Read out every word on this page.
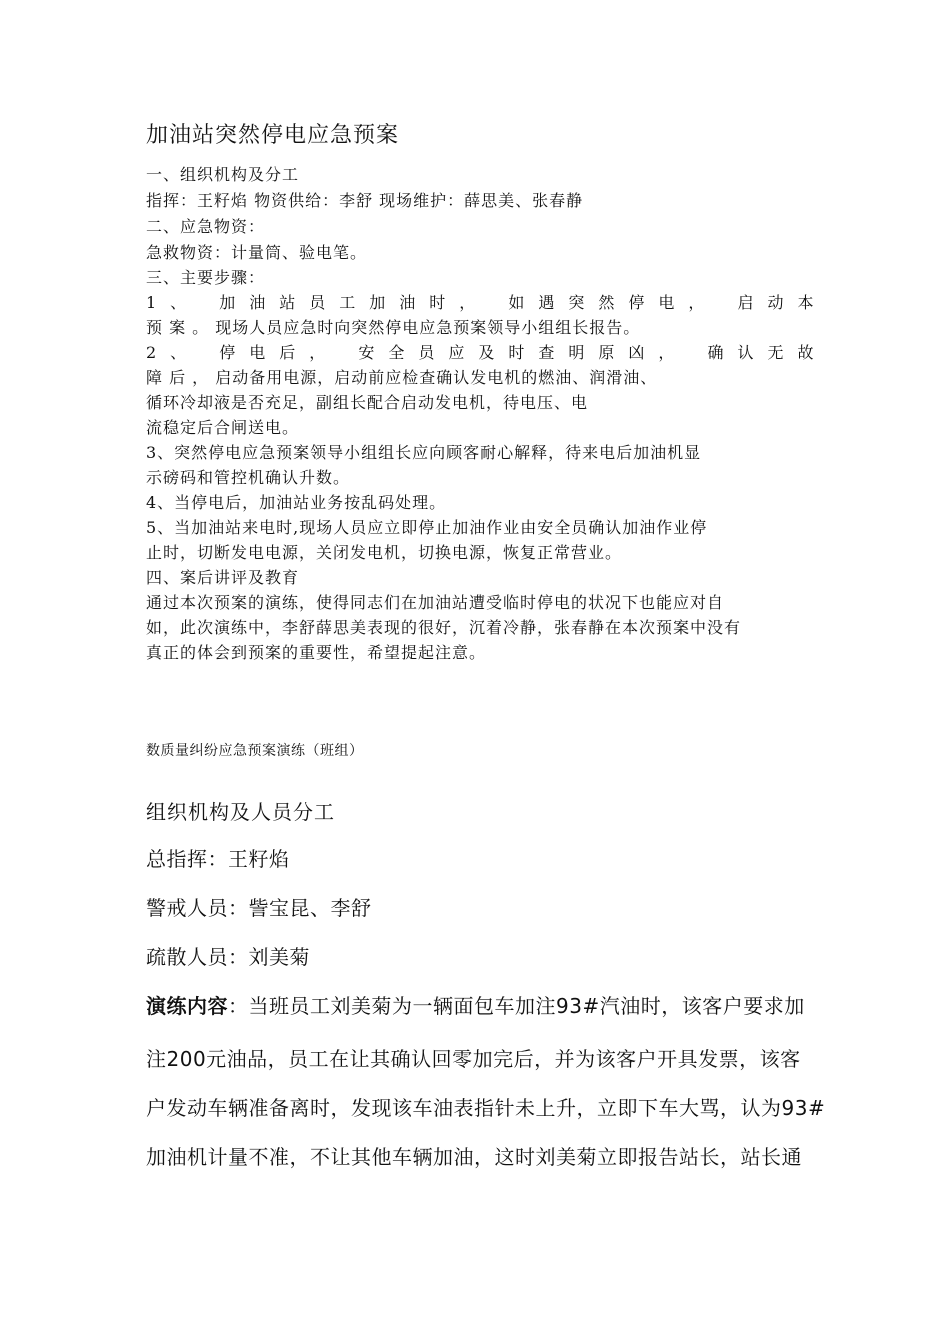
加油站突然停电应急预案
一、组织机构及分工
指挥：王籽焰 物资供给：李舒 现场维护：薛思美、张春静
二、应急物资：
急救物资：计量筒、验电笔。
三、主要步骤：
1、 加油站员工加油时， 如遇突然停电， 启动本
预 案 。 现场人员应急时向突然停电应急预案领导小组组长报告。
2、 停电后， 安全员应及时查明原凶， 确认无故
障 后 ， 启动备用电源，启动前应检查确认发电机的燃油、润滑油、
循环冷却液是否充足，副组长配合启动发电机，待电压、电
流稳定后合闸送电。
3、突然停电应急预案领导小组组长应向顾客耐心解释，待来电后加油机显
示磅码和管控机确认升数。
4、当停电后，加油站业务按乱码处理。
5、当加油站来电时,现场人员应立即停止加油作业由安全员确认加油作业停
止时，切断发电电源，关闭发电机，切换电源，恢复正常营业。
四、案后讲评及教育
通过本次预案的演练，使得同志们在加油站遭受临时停电的状况下也能应对自
如，此次演练中，李舒薛思美表现的很好，沉着冷静，张春静在本次预案中没有
真正的体会到预案的重要性，希望提起注意。
数质量纠纷应急预案演练（班组）
组织机构及人员分工
总指挥：王籽焰
警戒人员：訾宝昆、李舒
疏散人员：刘美菊
演练内容：当班员工刘美菊为一辆面包车加注93#汽油时，该客户要求加
注200元油品，员工在让其确认回零加完后，并为该客户开具发票，该客
户发动车辆准备离时，发现该车油表指针未上升，立即下车大骂，认为93#
加油机计量不准，不让其他车辆加油，这时刘美菊立即报告站长，站长通
